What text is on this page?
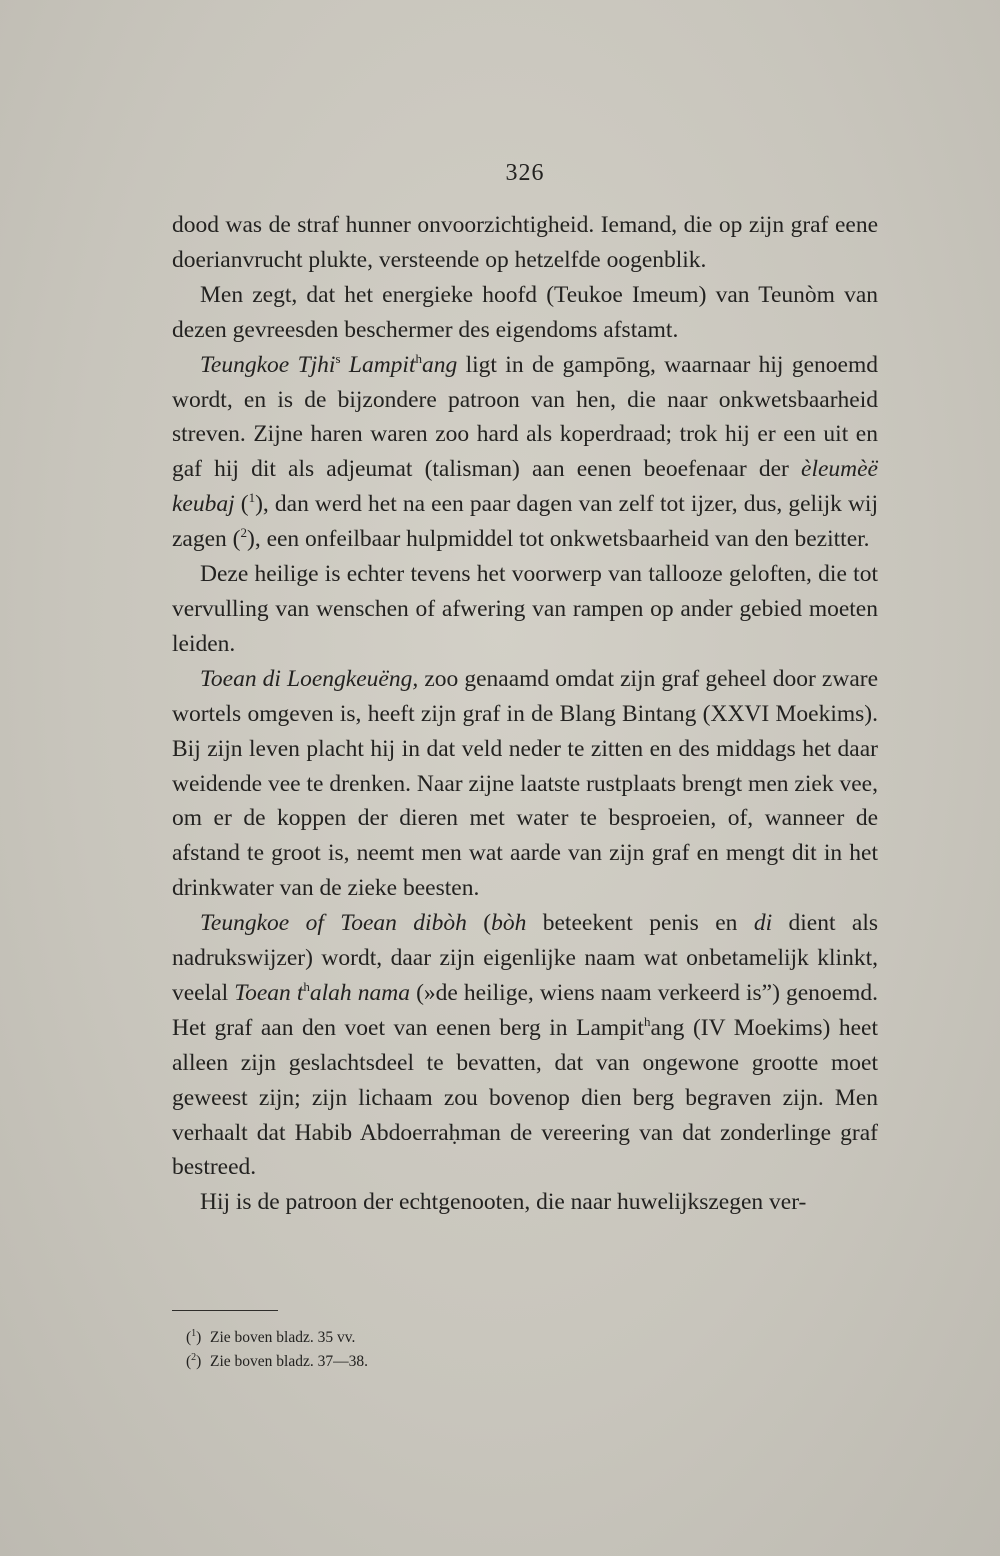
326

dood was de straf hunner onvoorzichtigheid. Iemand, die op zijn graf eene doerianvrucht plukte, versteende op hetzelfde oogenblik.

Men zegt, dat het energieke hoofd (Teukoe Imeum) van Teunòm van dezen gevreesden beschermer des eigendoms afstamt.

Teungkoe Tjhi$^s$ Lampit$^h$ang ligt in de gampōng, waarnaar hij genoemd wordt, en is de bijzondere patroon van hen, die naar onkwetsbaarheid streven. Zijne haren waren zoo hard als koperdraad; trok hij er een uit en gaf hij dit als adjeumat (talisman) aan eenen beoefenaar der èleumèë keubaj ($^1$), dan werd het na een paar dagen van zelf tot ijzer, dus, gelijk wij zagen ($^2$), een onfeilbaar hulpmiddel tot onkwetsbaarheid van den bezitter.

Deze heilige is echter tevens het voorwerp van tallooze geloften, die tot vervulling van wenschen of afwering van rampen op ander gebied moeten leiden.

Toean di Loengkeuëng, zoo genaamd omdat zijn graf geheel door zware wortels omgeven is, heeft zijn graf in de Blang Bintang (XXVI Moekims). Bij zijn leven placht hij in dat veld neder te zitten en des middags het daar weidende vee te drenken. Naar zijne laatste rustplaats brengt men ziek vee, om er de koppen der dieren met water te besproeien, of, wanneer de afstand te groot is, neemt men wat aarde van zijn graf en mengt dit in het drinkwater van de zieke beesten.

Teungkoe of Toean dibòh (bòh beteekent penis en di dient als nadrukswijzer) wordt, daar zijn eigenlijke naam wat onbetamelijk klinkt, veelal Toean $t^halah$ nama (»de heilige, wiens naam verkeerd is”) genoemd. Het graf aan den voet van eenen berg in Lampit$^h$ang (IV Moekims) heet alleen zijn geslachtsdeel te bevatten, dat van ongewone grootte moet geweest zijn; zijn lichaam zou bovenop dien berg begraven zijn. Men verhaalt dat Habib Abdoerraḥman de vereering van dat zonderlinge graf bestreed.

Hij is de patroon der echtgenooten, die naar huwelijkszegen ver-

($^1$) Zie boven bladz. 35 vv.
($^2$) Zie boven bladz. 37—38.
